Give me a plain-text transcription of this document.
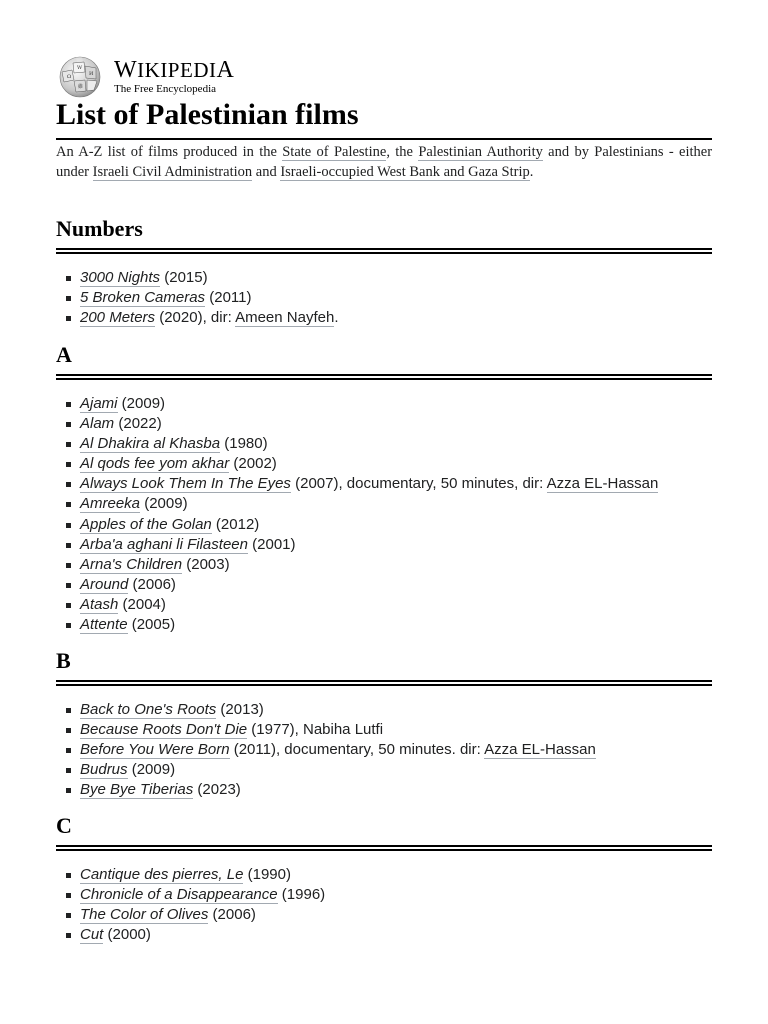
Ω
W
И
維
WIKIPEDIA
The Free Encyclopedia
List of Palestinian films

An A-Z list of films produced in the State of Palestine, the Palestinian Authority and by Palestinians - either under Israeli Civil Administration and Israeli-occupied West Bank and Gaza Strip.

Numbers
3000 Nights (2015)
5 Broken Cameras (2011)
200 Meters (2020), dir: Ameen Nayfeh.
A
Ajami (2009)
Alam (2022)
Al Dhakira al Khasba (1980)
Al qods fee yom akhar (2002)
Always Look Them In The Eyes (2007), documentary, 50 minutes, dir: Azza EL-Hassan
Amreeka (2009)
Apples of the Golan (2012)
Arba'a aghani li Filasteen (2001)
Arna's Children (2003)
Around (2006)
Atash (2004)
Attente (2005)
B
Back to One's Roots (2013)
Because Roots Don't Die (1977), Nabiha Lutfi
Before You Were Born (2011), documentary, 50 minutes. dir: Azza EL-Hassan
Budrus (2009)
Bye Bye Tiberias (2023)
C
Cantique des pierres, Le (1990)
Chronicle of a Disappearance (1996)
The Color of Olives (2006)
Cut (2000)
